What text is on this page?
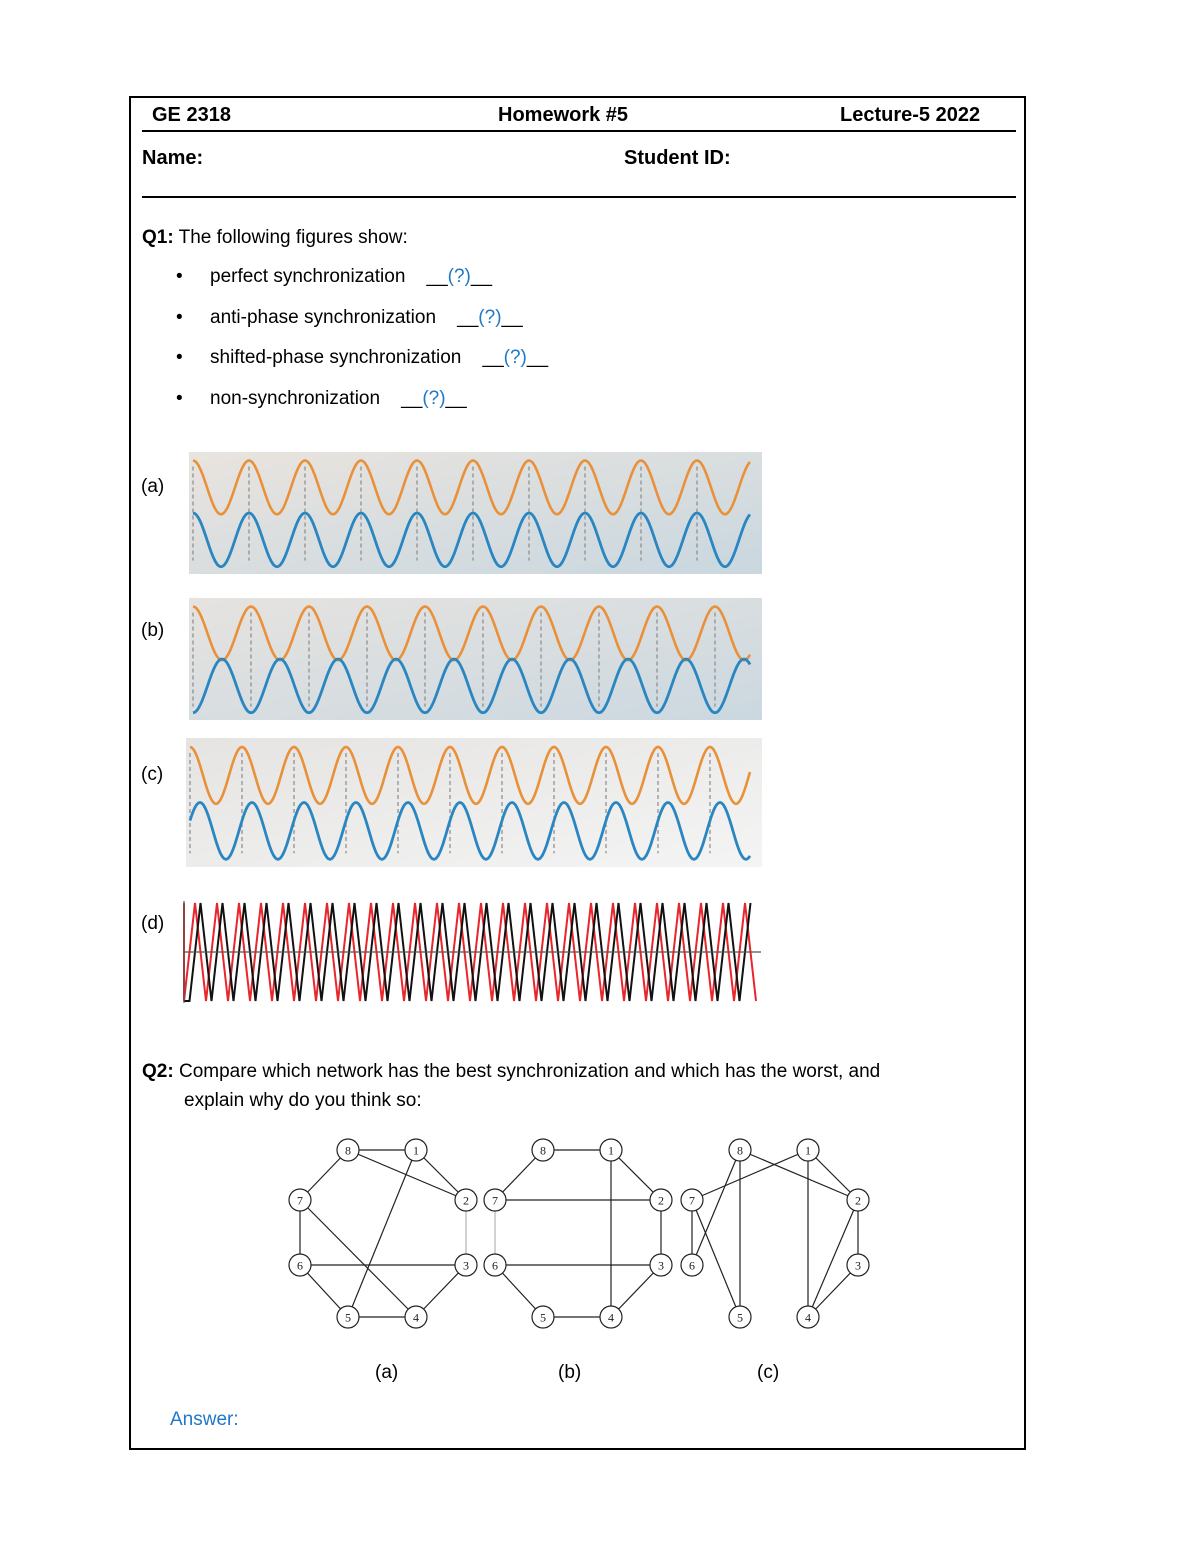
GE 2318	Homework #5	Lecture-5 2022
Name:	Student ID:
Q1: The following figures show:
• perfect synchronization __(?)__
• anti-phase synchronization __(?)__
• shifted-phase synchronization __(?)__
• non-synchronization __(?)__
(a)
(b)
(c)
(d)
Q2: Compare which network has the best synchronization and which has the worst, and
explain why do you think so:
1
2
3
4
5
6
7
8	1
2
3
4
5
6
7
8	1
2
3
4
5
6
7
8
(a)	(b)	(c)
Answer:
